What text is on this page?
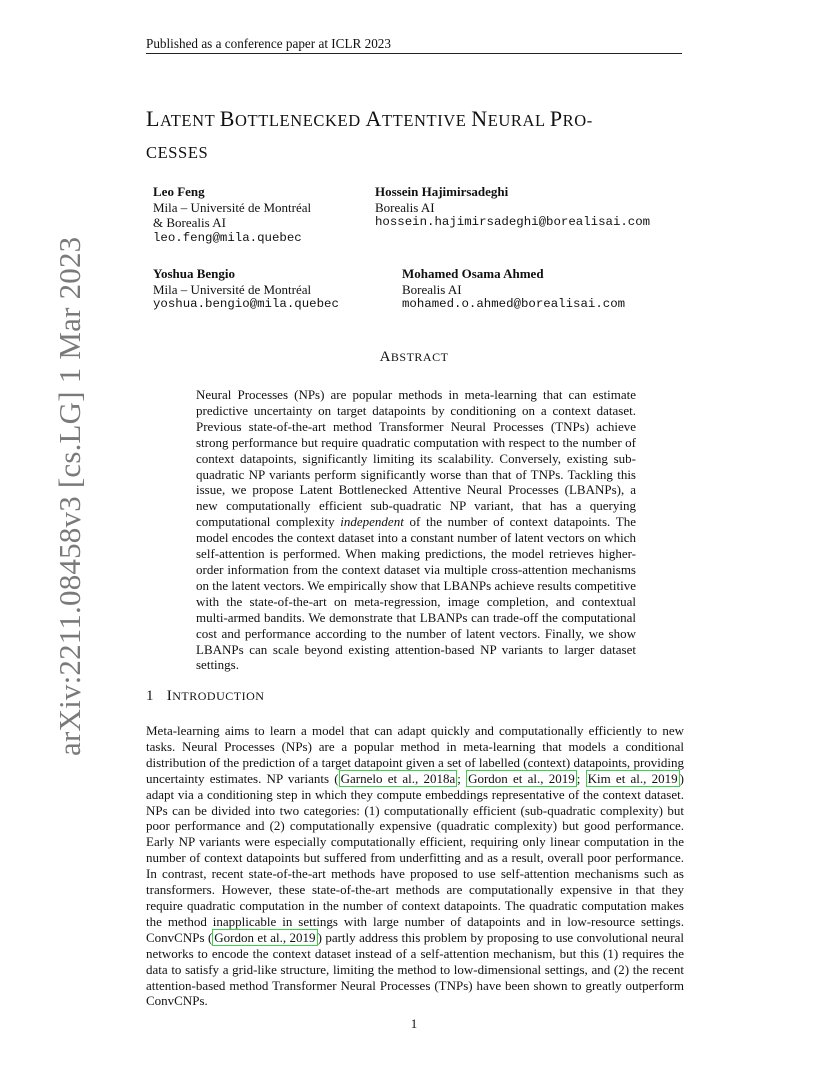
Published as a conference paper at ICLR 2023
LATENT BOTTLENECKED ATTENTIVE NEURAL PRO-
CESSES
Leo Feng
Mila – Université de Montréal
& Borealis AI
leo.feng@mila.quebec
Hossein Hajimirsadeghi
Borealis AI
hossein.hajimirsadeghi@borealisai.com
Yoshua Bengio
Mila – Université de Montréal
yoshua.bengio@mila.quebec
Mohamed Osama Ahmed
Borealis AI
mohamed.o.ahmed@borealisai.com
arXiv:2211.08458v3 [cs.LG] 1 Mar 2023	ABSTRACT
Neural Processes (NPs) are popular methods in meta-learning that can estimate predictive uncertainty on target datapoints by conditioning on a context dataset. Previous state-of-the-art method Transformer Neural Processes (TNPs) achieve strong performance but require quadratic computation with respect to the number of context datapoints, significantly limiting its scalability. Conversely, existing sub-quadratic NP variants perform significantly worse than that of TNPs. Tackling this issue, we propose Latent Bottlenecked Attentive Neural Processes (LBANPs), a new computationally efficient sub-quadratic NP variant, that has a querying computational complexity independent of the number of context datapoints. The model encodes the context dataset into a constant number of latent vectors on which self-attention is performed. When making predictions, the model retrieves higher-order information from the context dataset via multiple cross-attention mechanisms on the latent vectors. We empirically show that LBANPs achieve results competitive with the state-of-the-art on meta-regression, image completion, and contextual multi-armed bandits. We demonstrate that LBANPs can trade-off the computational cost and performance according to the number of latent vectors. Finally, we show LBANPs can scale beyond existing attention-based NP variants to larger dataset settings.
1 INTRODUCTION
Meta-learning aims to learn a model that can adapt quickly and computationally efficiently to new tasks. Neural Processes (NPs) are a popular method in meta-learning that models a conditional distribution of the prediction of a target datapoint given a set of labelled (context) datapoints, providing uncertainty estimates. NP variants ( Garnelo et al., 2018a ; Gordon et al., 2019 ; Kim et al., 2019 ) adapt via a conditioning step in which they compute embeddings representative of the context dataset. NPs can be divided into two categories: (1) computationally efficient (sub-quadratic complexity) but poor performance and (2) computationally expensive (quadratic complexity) but good performance. Early NP variants were especially computationally efficient, requiring only linear computation in the number of context datapoints but suffered from underfitting and as a result, overall poor performance. In contrast, recent state-of-the-art methods have proposed to use self-attention mechanisms such as transformers. However, these state-of-the-art methods are computationally expensive in that they require quadratic computation in the number of context datapoints. The quadratic computation makes the method inapplicable in settings with large number of datapoints and in low-resource settings. ConvCNPs ( Gordon et al., 2019 ) partly address this problem by proposing to use convolutional neural networks to encode the context dataset instead of a self-attention mechanism, but this (1) requires the data to satisfy a grid-like structure, limiting the method to low-dimensional settings, and (2) the recent attention-based method Transformer Neural Processes (TNPs) have been shown to greatly outperform ConvCNPs.
1
